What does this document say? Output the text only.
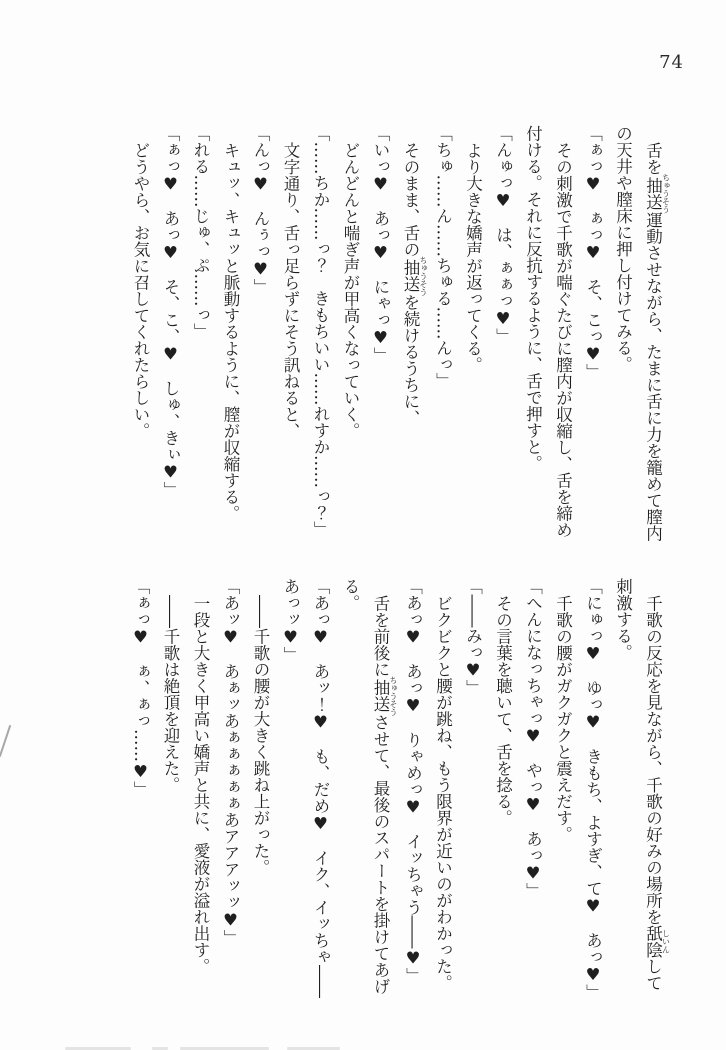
74

舌を抽送 ちゅうそう運動させながら、たまに舌に力を籠めて膣内

の天井や膣床に押し付けてみる。

「ぁっ♥　ぁっ♥　そ、こっ♥」

その刺激で千歌が喘ぐたびに膣内が収縮し、舌を締め

付ける。それに反抗するように、舌で押すと。

「んゅっ♥　は、ぁぁっ♥」

より大きな嬌声が返ってくる。

「ちゅ……ん……ちゅる……んっ」

そのまま、舌の抽送 ちゅうそうを続けるうちに、

「いっ♥　あっ♥　にゃっ♥」

どんどんと喘ぎ声が甲高くなっていく。

「……ちか……っ？　きもちいい……れすか……っ？」

文字通り、舌っ足らずにそう訊ねると、

「んっ♥　んぅっ♥」

キュッ、キュッと脈動するように、膣が収縮する。

「れる……じゅ、ぷ……っ」

「ぁっ♥　あっ♥　そ、こ、♥　しゅ、きぃ♥」

どうやら、お気に召してくれたらしい。

千歌の反応を見ながら、千歌の好みの場所を舐陰 しいんして

刺激する。

「にゅっ♥　ゆっ♥　きもち、よすぎ、て♥　あっ♥」

千歌の腰がガクガクと震えだす。

「へんになっちゃっ♥　やっ♥　あっ♥」

その言葉を聴いて、舌を捻る。

「――みっ♥」

ビクビクと腰が跳ね、もう限界が近いのがわかった。

「あっ♥　あっ♥　りゃめっ♥　イッちゃう――♥」

舌を前後に抽送 ちゅうそうさせて、最後のスパートを掛けてあげ

る。

「あっ♥　あッ！♥　も、だめ♥　イク、イッちゃ――

あっッ♥」

――千歌の腰が大きく跳ね上がった。

「あッ♥　あぁッあぁぁぁぁぁあアアアッッ♥」

一段と大きく甲高い嬌声と共に、愛液が溢れ出す。

――千歌は絶頂を迎えた。

「ぁっ♥　ぁ、ぁっ……♥」
